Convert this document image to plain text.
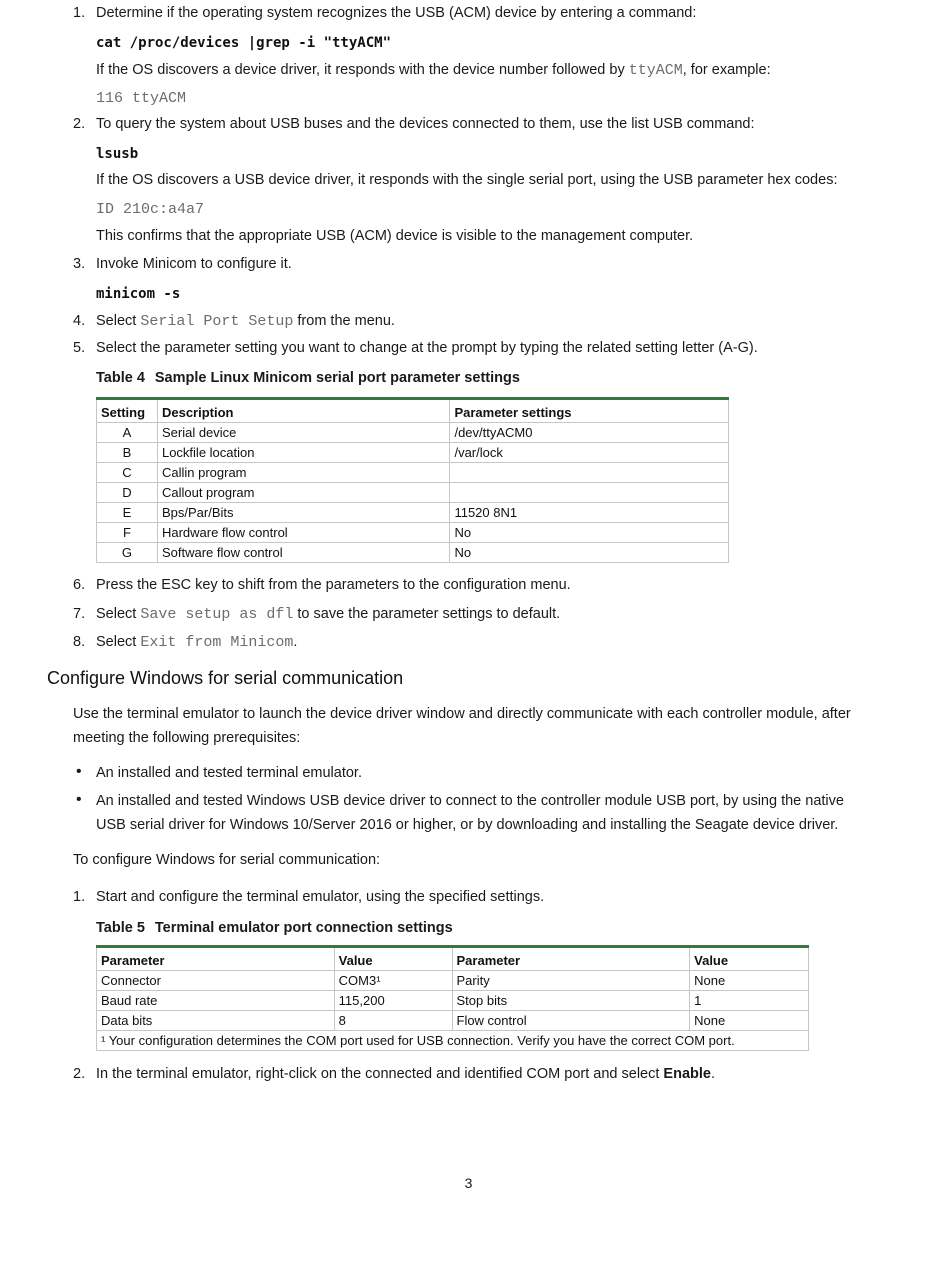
1. Determine if the operating system recognizes the USB (ACM) device by entering a command:
cat /proc/devices |grep -i "ttyACM"
If the OS discovers a device driver, it responds with the device number followed by ttyACM, for example:
116 ttyACM
2. To query the system about USB buses and the devices connected to them, use the list USB command:
lsusb
If the OS discovers a USB device driver, it responds with the single serial port, using the USB parameter hex codes:
ID 210c:a4a7
This confirms that the appropriate USB (ACM) device is visible to the management computer.
3. Invoke Minicom to configure it.
minicom -s
4. Select Serial Port Setup from the menu.
5. Select the parameter setting you want to change at the prompt by typing the related setting letter (A-G).
Table 4 Sample Linux Minicom serial port parameter settings
Setting	Description	Parameter settings
A	Serial device	/dev/ttyACM0
B	Lockfile location	/var/lock
C	Callin program	
D	Callout program	
E	Bps/Par/Bits	11520 8N1
F	Hardware flow control	No
G	Software flow control	No
6. Press the ESC key to shift from the parameters to the configuration menu.
7. Select Save setup as dfl to save the parameter settings to default.
8. Select Exit from Minicom.
Configure Windows for serial communication
Use the terminal emulator to launch the device driver window and directly communicate with each controller module, after meeting the following prerequisites:
• An installed and tested terminal emulator.
• An installed and tested Windows USB device driver to connect to the controller module USB port, by using the native USB serial driver for Windows 10/Server 2016 or higher, or by downloading and installing the Seagate device driver.
To configure Windows for serial communication:
1. Start and configure the terminal emulator, using the specified settings.
Table 5 Terminal emulator port connection settings
Parameter	Value	Parameter	Value
Connector	COM3¹	Parity	None
Baud rate	115,200	Stop bits	1
Data bits	8	Flow control	None
¹ Your configuration determines the COM port used for USB connection. Verify you have the correct COM port.			
2. In the terminal emulator, right-click on the connected and identified COM port and select Enable.
3
